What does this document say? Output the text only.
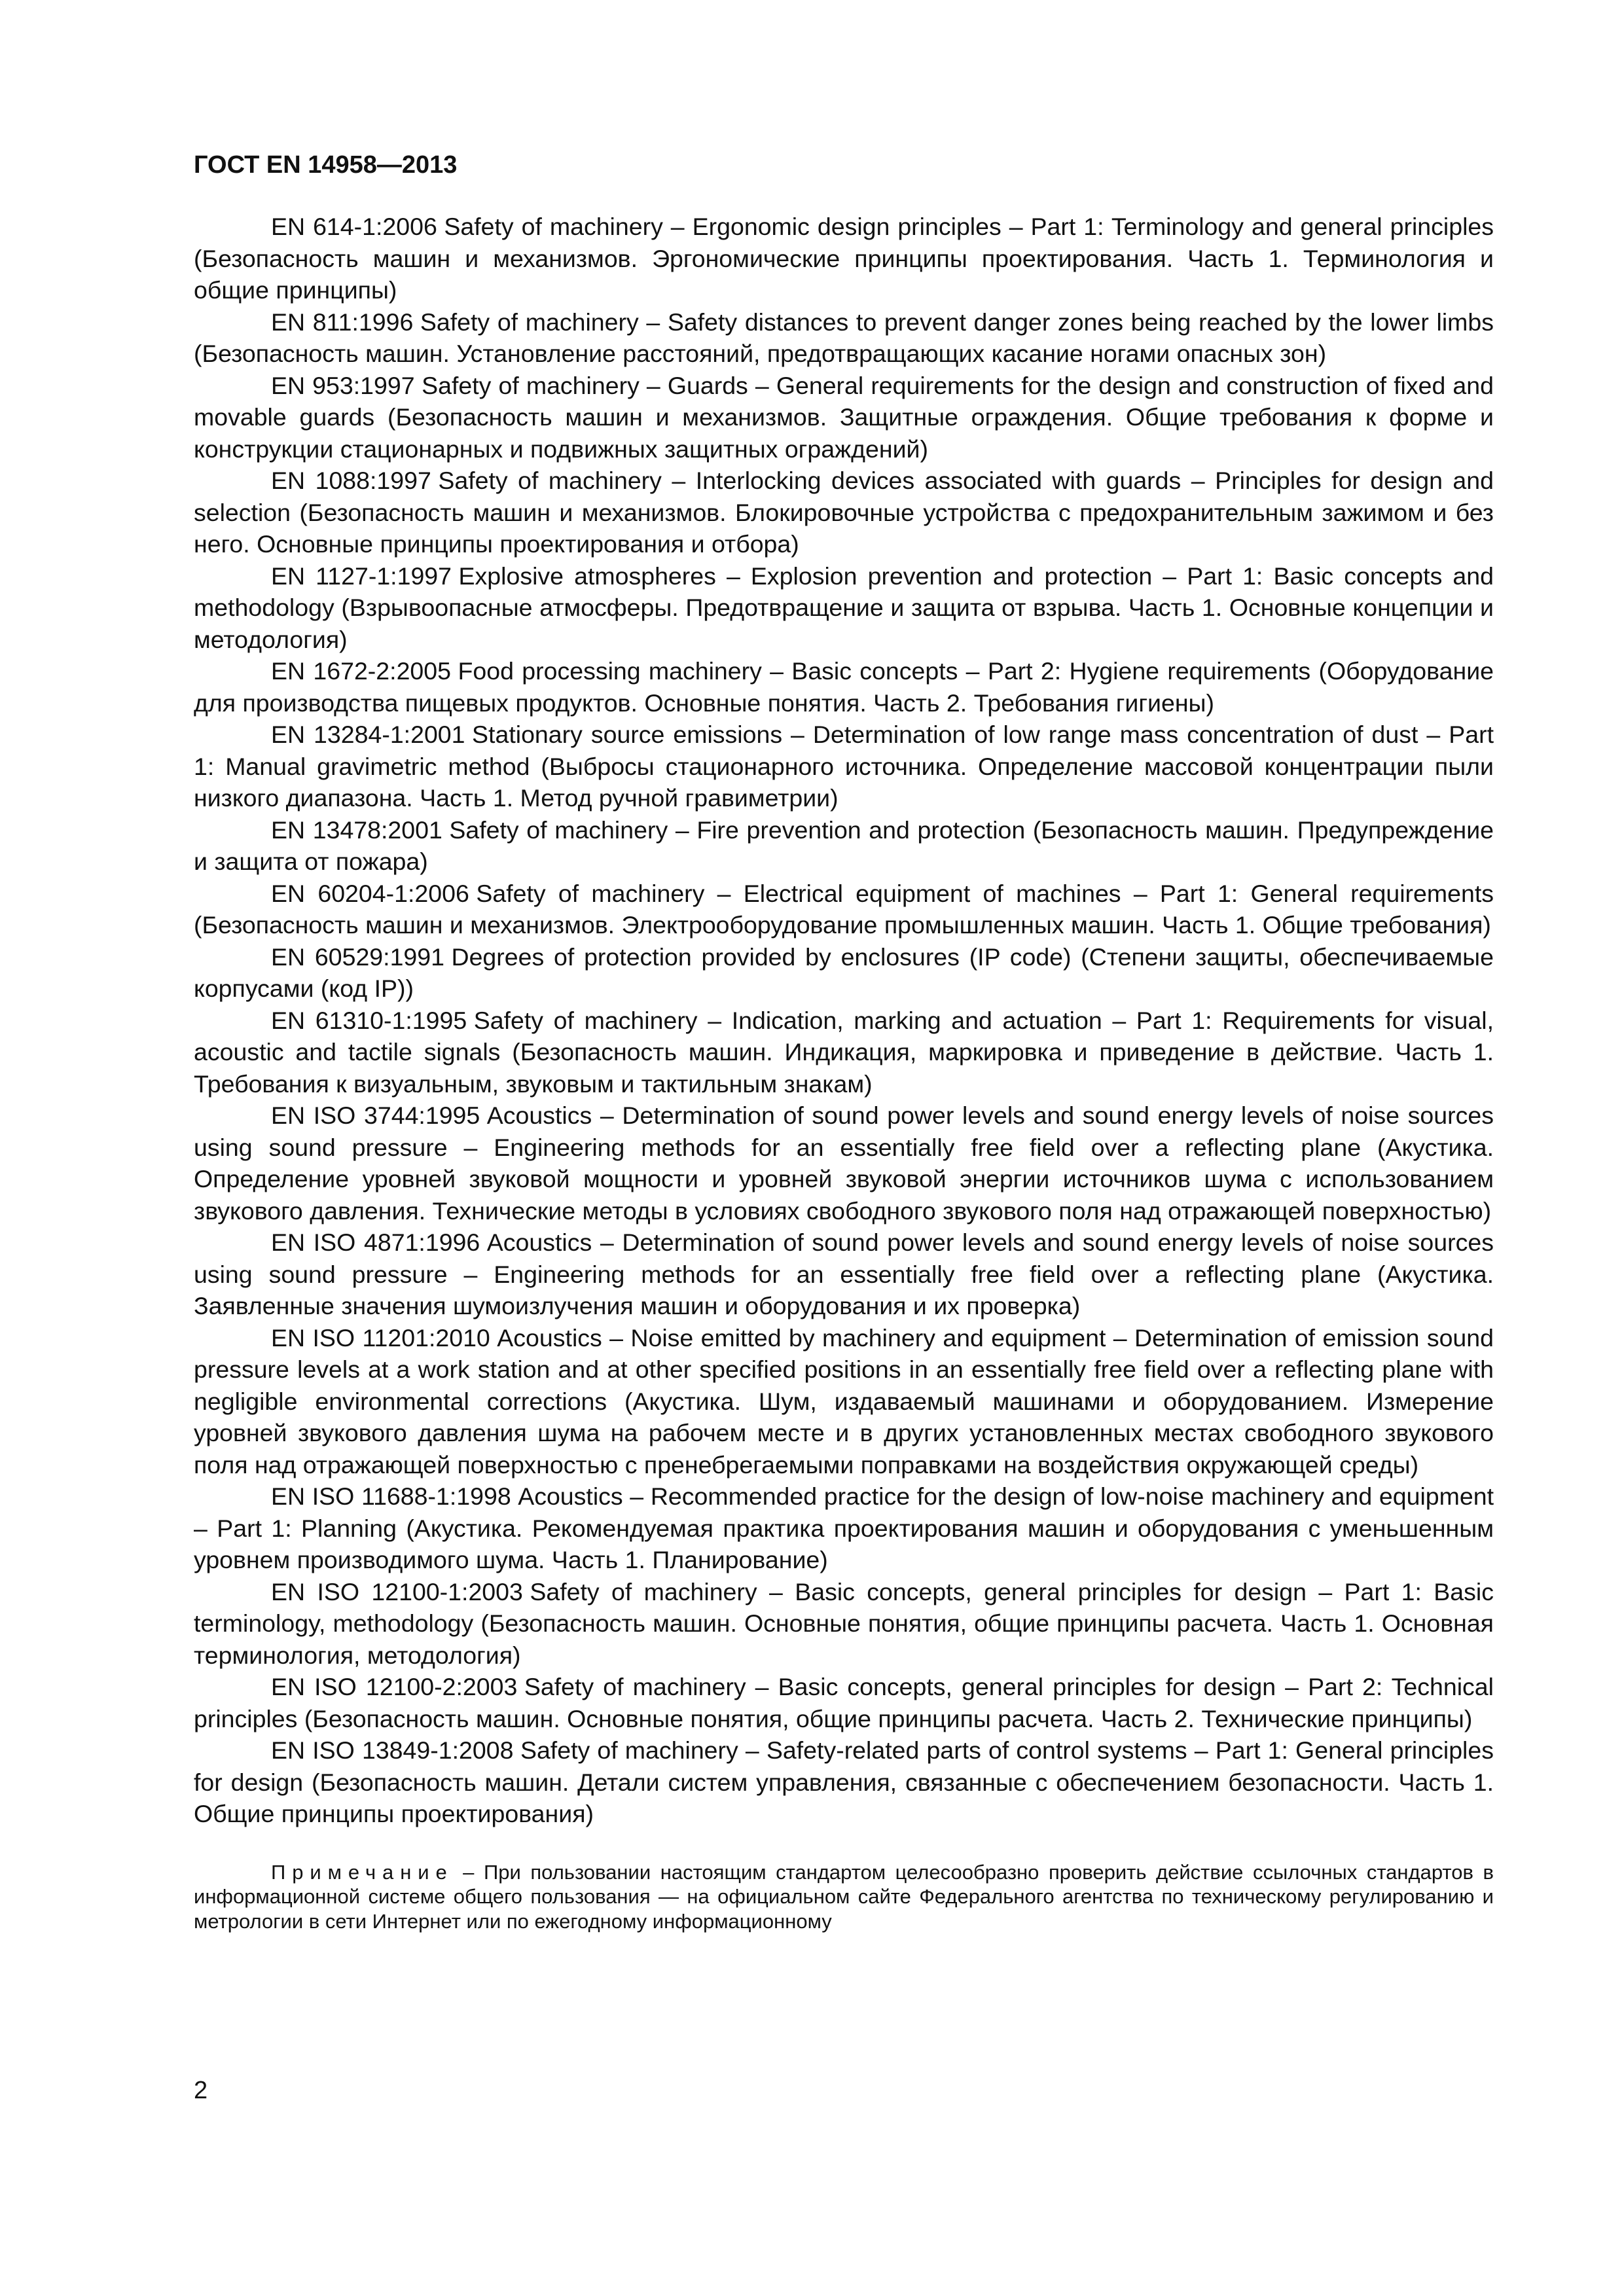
ГОСТ EN 14958—2013
EN 614-1:2006 Safety of machinery – Ergonomic design principles – Part 1: Terminology and general principles (Безопасность машин и механизмов. Эргономические принципы проектирования. Часть 1. Терминология и общие принципы)
EN 811:1996 Safety of machinery – Safety distances to prevent danger zones being reached by the lower limbs (Безопасность машин. Установление расстояний, предотвращающих касание ногами опасных зон)
EN 953:1997 Safety of machinery – Guards – General requirements for the design and construction of fixed and movable guards (Безопасность машин и механизмов. Защитные ограждения. Общие требования к форме и конструкции стационарных и подвижных защитных ограждений)
EN 1088:1997 Safety of machinery – Interlocking devices associated with guards – Principles for design and selection (Безопасность машин и механизмов. Блокировочные устройства с предохранительным зажимом и без него. Основные принципы проектирования и отбора)
EN 1127-1:1997 Explosive atmospheres – Explosion prevention and protection – Part 1: Basic concepts and methodology (Взрывоопасные атмосферы. Предотвращение и защита от взрыва. Часть 1. Основные концепции и методология)
EN 1672-2:2005 Food processing machinery – Basic concepts – Part 2: Hygiene requirements (Оборудование для производства пищевых продуктов. Основные понятия. Часть 2. Требования гигиены)
EN 13284-1:2001 Stationary source emissions – Determination of low range mass concentration of dust – Part 1: Manual gravimetric method (Выбросы стационарного источника. Определение массовой концентрации пыли низкого диапазона. Часть 1. Метод ручной гравиметрии)
EN 13478:2001 Safety of machinery – Fire prevention and protection (Безопасность машин. Предупреждение и защита от пожара)
EN 60204-1:2006 Safety of machinery – Electrical equipment of machines – Part 1: General requirements (Безопасность машин и механизмов. Электрооборудование промышленных машин. Часть 1. Общие требования)
EN 60529:1991 Degrees of protection provided by enclosures (IP code) (Степени защиты, обеспечиваемые корпусами (код IP))
EN 61310-1:1995 Safety of machinery – Indication, marking and actuation – Part 1: Requirements for visual, acoustic and tactile signals (Безопасность машин. Индикация, маркировка и приведение в действие. Часть 1. Требования к визуальным, звуковым и тактильным знакам)
EN ISO 3744:1995 Acoustics – Determination of sound power levels and sound energy levels of noise sources using sound pressure – Engineering methods for an essentially free field over a reflecting plane (Акустика. Определение уровней звуковой мощности и уровней звуковой энергии источников шума с использованием звукового давления. Технические методы в условиях свободного звукового поля над отражающей поверхностью)
EN ISO 4871:1996 Acoustics – Determination of sound power levels and sound energy levels of noise sources using sound pressure – Engineering methods for an essentially free field over a reflecting plane (Акустика. Заявленные значения шумоизлучения машин и оборудования и их проверка)
EN ISO 11201:2010 Acoustics – Noise emitted by machinery and equipment – Determination of emission sound pressure levels at a work station and at other specified positions in an essentially free field over a reflecting plane with negligible environmental corrections (Акустика. Шум, издаваемый машинами и оборудованием. Измерение уровней звукового давления шума на рабочем месте и в других установленных местах свободного звукового поля над отражающей поверхностью с пренебрегаемыми поправками на воздействия окружающей среды)
EN ISO 11688-1:1998 Acoustics – Recommended practice for the design of low-noise machinery and equipment – Part 1: Planning (Акустика. Рекомендуемая практика проектирования машин и оборудования с уменьшенным уровнем производимого шума. Часть 1. Планирование)
EN ISO 12100-1:2003 Safety of machinery – Basic concepts, general principles for design – Part 1: Basic terminology, methodology (Безопасность машин. Основные понятия, общие принципы расчета. Часть 1. Основная терминология, методология)
EN ISO 12100-2:2003 Safety of machinery – Basic concepts, general principles for design – Part 2: Technical principles (Безопасность машин. Основные понятия, общие принципы расчета. Часть 2. Технические принципы)
EN ISO 13849-1:2008 Safety of machinery – Safety-related parts of control systems – Part 1: General principles for design (Безопасность машин. Детали систем управления, связанные с обеспечением безопасности. Часть 1. Общие принципы проектирования)
Примечание – При пользовании настоящим стандартом целесообразно проверить действие ссылочных стандартов в информационной системе общего пользования — на официальном сайте Федерального агентства по техническому регулированию и метрологии в сети Интернет или по ежегодному информационному
2
